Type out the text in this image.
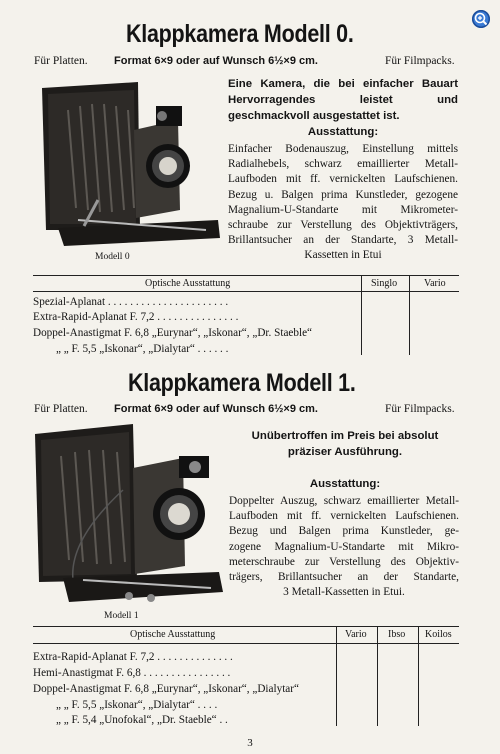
Klappkamera Modell 0.
Für Platten. Format 6×9 oder auf Wunsch 6½×9 cm.	Für Filmpacks.
Modell 0
Eine Kamera, die bei einfacher Bauart Hervorragendes leistet und geschmackvoll ausgestattet ist.
Ausstattung:
Einfacher Bodenauszug, Einstellung mittels
Radialhebels, schwarz emaillierter Metall-
Laufboden mit ff. vernickelten Laufschienen.
Bezug u. Balgen prima Kunstleder, gezogene
Magnalium-U-Standarte mit Mikrometer-
schraube zur Verstellung des Objektivträgers,
Brillantsucher an der Standarte, 3 Metall-
Kassetten in Etui
Optische Ausstattung	Singlo	Vario
Spezial-Aplanat . . . . . . . . . . . . . . . . . . . . . .
Extra-Rapid-Aplanat F. 7,2 . . . . . . . . . . . . . . .
Doppel-Anastigmat F. 6,8 „Eurynar“, „Iskonar“, „Dr. Staeble“
„ „ F. 5,5 „Iskonar“, „Dialytar“ . . . . . .
Klappkamera Modell 1.
Für Platten. Format 6×9 oder auf Wunsch 6½×9 cm.	Für Filmpacks.
Modell 1
Unübertroffen im Preis bei absolut präziser Ausführung.
Ausstattung:
Doppelter Auszug, schwarz emaillierter Metall-
Laufboden mit ff. vernickelten Laufschienen.
Bezug und Balgen prima Kunstleder, ge-
zogene Magnalium-U-Standarte mit Mikro-
meterschraube zur Verstellung des Objektiv-
trägers, Brillantsucher an der Standarte,
3 Metall-Kassetten in Etui.
Optische Ausstattung	Vario Ibso Koilos
Extra-Rapid-Aplanat F. 7,2 . . . . . . . . . . . . . .
Hemi-Anastigmat F. 6,8 . . . . . . . . . . . . . . . .
Doppel-Anastigmat F. 6,8 „Eurynar“, „Iskonar“, „Dialytar“
„ „ F. 5,5 „Iskonar“, „Dialytar“ . . . .
„ „ F. 5,4 „Unofokal“, „Dr. Staeble“ . .
3
